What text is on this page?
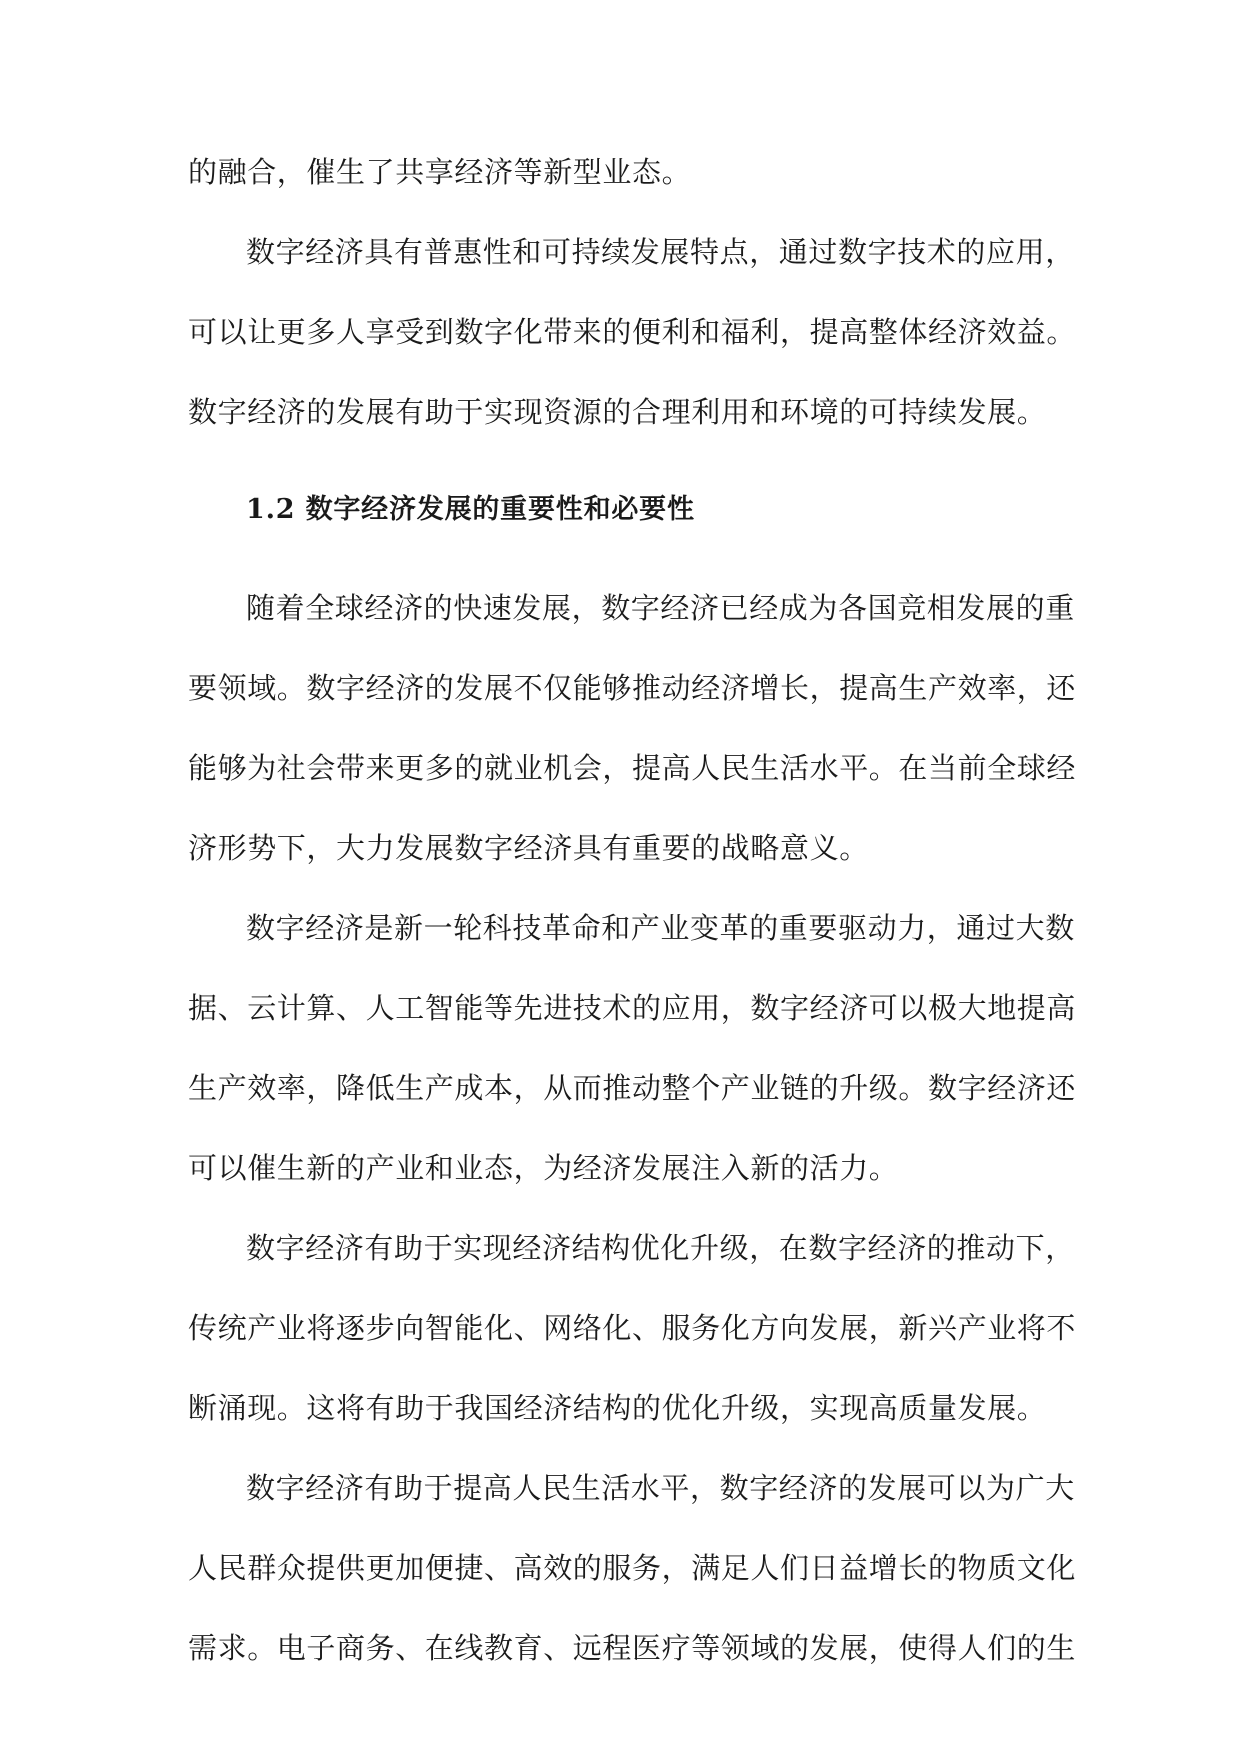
的融合，催生了共享经济等新型业态。
数字经济具有普惠性和可持续发展特点，通过数字技术的应用，
可以让更多人享受到数字化带来的便利和福利，提高整体经济效益。
数字经济的发展有助于实现资源的合理利用和环境的可持续发展。
1.2 数字经济发展的重要性和必要性
随着全球经济的快速发展，数字经济已经成为各国竞相发展的重
要领域。数字经济的发展不仅能够推动经济增长，提高生产效率，还
能够为社会带来更多的就业机会，提高人民生活水平。在当前全球经
济形势下，大力发展数字经济具有重要的战略意义。
数字经济是新一轮科技革命和产业变革的重要驱动力，通过大数
据、云计算、人工智能等先进技术的应用，数字经济可以极大地提高
生产效率，降低生产成本，从而推动整个产业链的升级。数字经济还
可以催生新的产业和业态，为经济发展注入新的活力。
数字经济有助于实现经济结构优化升级，在数字经济的推动下，
传统产业将逐步向智能化、网络化、服务化方向发展，新兴产业将不
断涌现。这将有助于我国经济结构的优化升级，实现高质量发展。
数字经济有助于提高人民生活水平，数字经济的发展可以为广大
人民群众提供更加便捷、高效的服务，满足人们日益增长的物质文化
需求。电子商务、在线教育、远程医疗等领域的发展，使得人们的生
